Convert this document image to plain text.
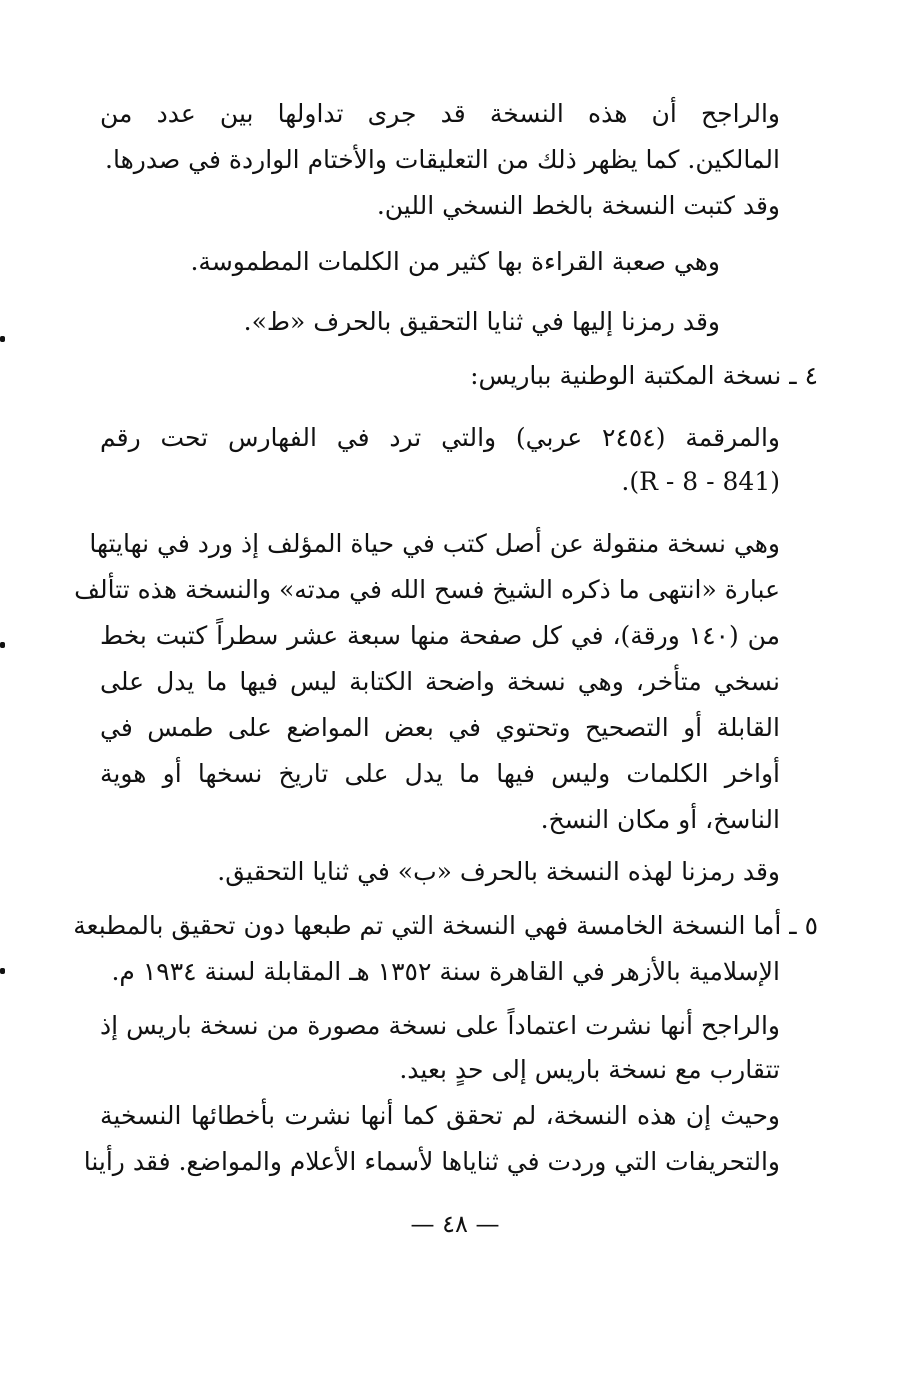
والراجح أن هذه النسخة قد جرى تداولها بين عدد من
المالكين. كما يظهر ذلك من التعليقات والأختام الواردة في صدرها.
وقد كتبت النسخة بالخط النسخي اللين.
وهي صعبة القراءة بها كثير من الكلمات المطموسة.
وقد رمزنا إليها في ثنايا التحقيق بالحرف «ط».
٤ ـ نسخة المكتبة الوطنية بباريس:
والمرقمة (٢٤٥٤ عربي) والتي ترد في الفهارس تحت رقم
.(R - 8 - 841)
وهي نسخة منقولة عن أصل كتب في حياة المؤلف إذ ورد في نهايتها
عبارة «انتهى ما ذكره الشيخ فسح الله في مدته» والنسخة هذه تتألف
من (١٤٠ ورقة)، في كل صفحة منها سبعة عشر سطراً كتبت بخط
نسخي متأخر، وهي نسخة واضحة الكتابة ليس فيها ما يدل على
القابلة أو التصحيح وتحتوي في بعض المواضع على طمس في
أواخر الكلمات وليس فيها ما يدل على تاريخ نسخها أو هوية
الناسخ، أو مكان النسخ.
وقد رمزنا لهذه النسخة بالحرف «ب» في ثنايا التحقيق.
٥ ـ أما النسخة الخامسة فهي النسخة التي تم طبعها دون تحقيق بالمطبعة
الإسلامية بالأزهر في القاهرة سنة ١٣٥٢ هـ المقابلة لسنة ١٩٣٤ م.
والراجح أنها نشرت اعتماداً على نسخة مصورة من نسخة باريس إذ
تتقارب مع نسخة باريس إلى حدٍ بعيد.
وحيث إن هذه النسخة، لم تحقق كما أنها نشرت بأخطائها النسخية
والتحريفات التي وردت في ثناياها لأسماء الأعلام والمواضع. فقد رأينا
— ٤٨ —
